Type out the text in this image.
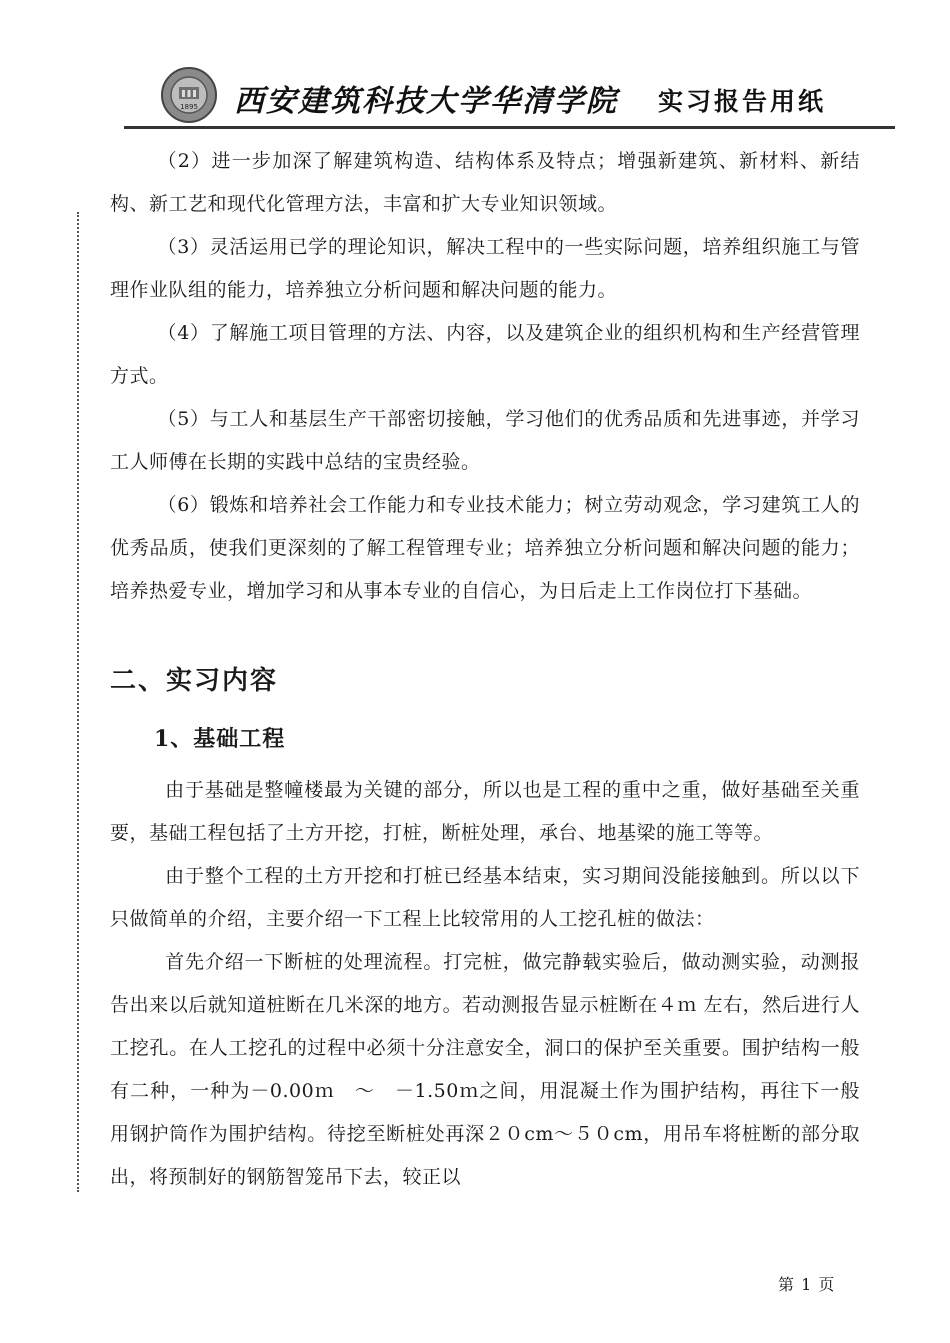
1895 西安建筑科技大学华清学院 实习报告用纸

（2）进一步加深了解建筑构造、结构体系及特点；增强新建筑、新材料、新结构、新工艺和现代化管理方法，丰富和扩大专业知识领域。

（3）灵活运用已学的理论知识，解决工程中的一些实际问题，培养组织施工与管理作业队组的能力，培养独立分析问题和解决问题的能力。

（4）了解施工项目管理的方法、内容，以及建筑企业的组织机构和生产经营管理方式。

（5）与工人和基层生产干部密切接触，学习他们的优秀品质和先进事迹，并学习工人师傅在长期的实践中总结的宝贵经验。

（6）锻炼和培养社会工作能力和专业技术能力；树立劳动观念，学习建筑工人的优秀品质，使我们更深刻的了解工程管理专业；培养独立分析问题和解决问题的能力；培养热爱专业，增加学习和从事本专业的自信心，为日后走上工作岗位打下基础。

二、实习内容
1、基础工程

由于基础是整幢楼最为关键的部分，所以也是工程的重中之重，做好基础至关重要，基础工程包括了土方开挖，打桩，断桩处理，承台、地基梁的施工等等。

由于整个工程的土方开挖和打桩已经基本结束，实习期间没能接触到。所以以下只做简单的介绍，主要介绍一下工程上比较常用的人工挖孔桩的做法：

首先介绍一下断桩的处理流程。打完桩，做完静载实验后，做动测实验，动测报告出来以后就知道桩断在几米深的地方。若动测报告显示桩断在４ｍ 左右，然后进行人工挖孔。在人工挖孔的过程中必须十分注意安全，洞口的保护至关重要。围护结构一般有二种，一种为－0.00ｍ　～　－1.50ｍ之间，用混凝土作为围护结构，再往下一般用钢护筒作为围护结构。待挖至断桩处再深２０cm～５０cm，用吊车将桩断的部分取出，将预制好的钢筋智笼吊下去，较正以

第 1 页
